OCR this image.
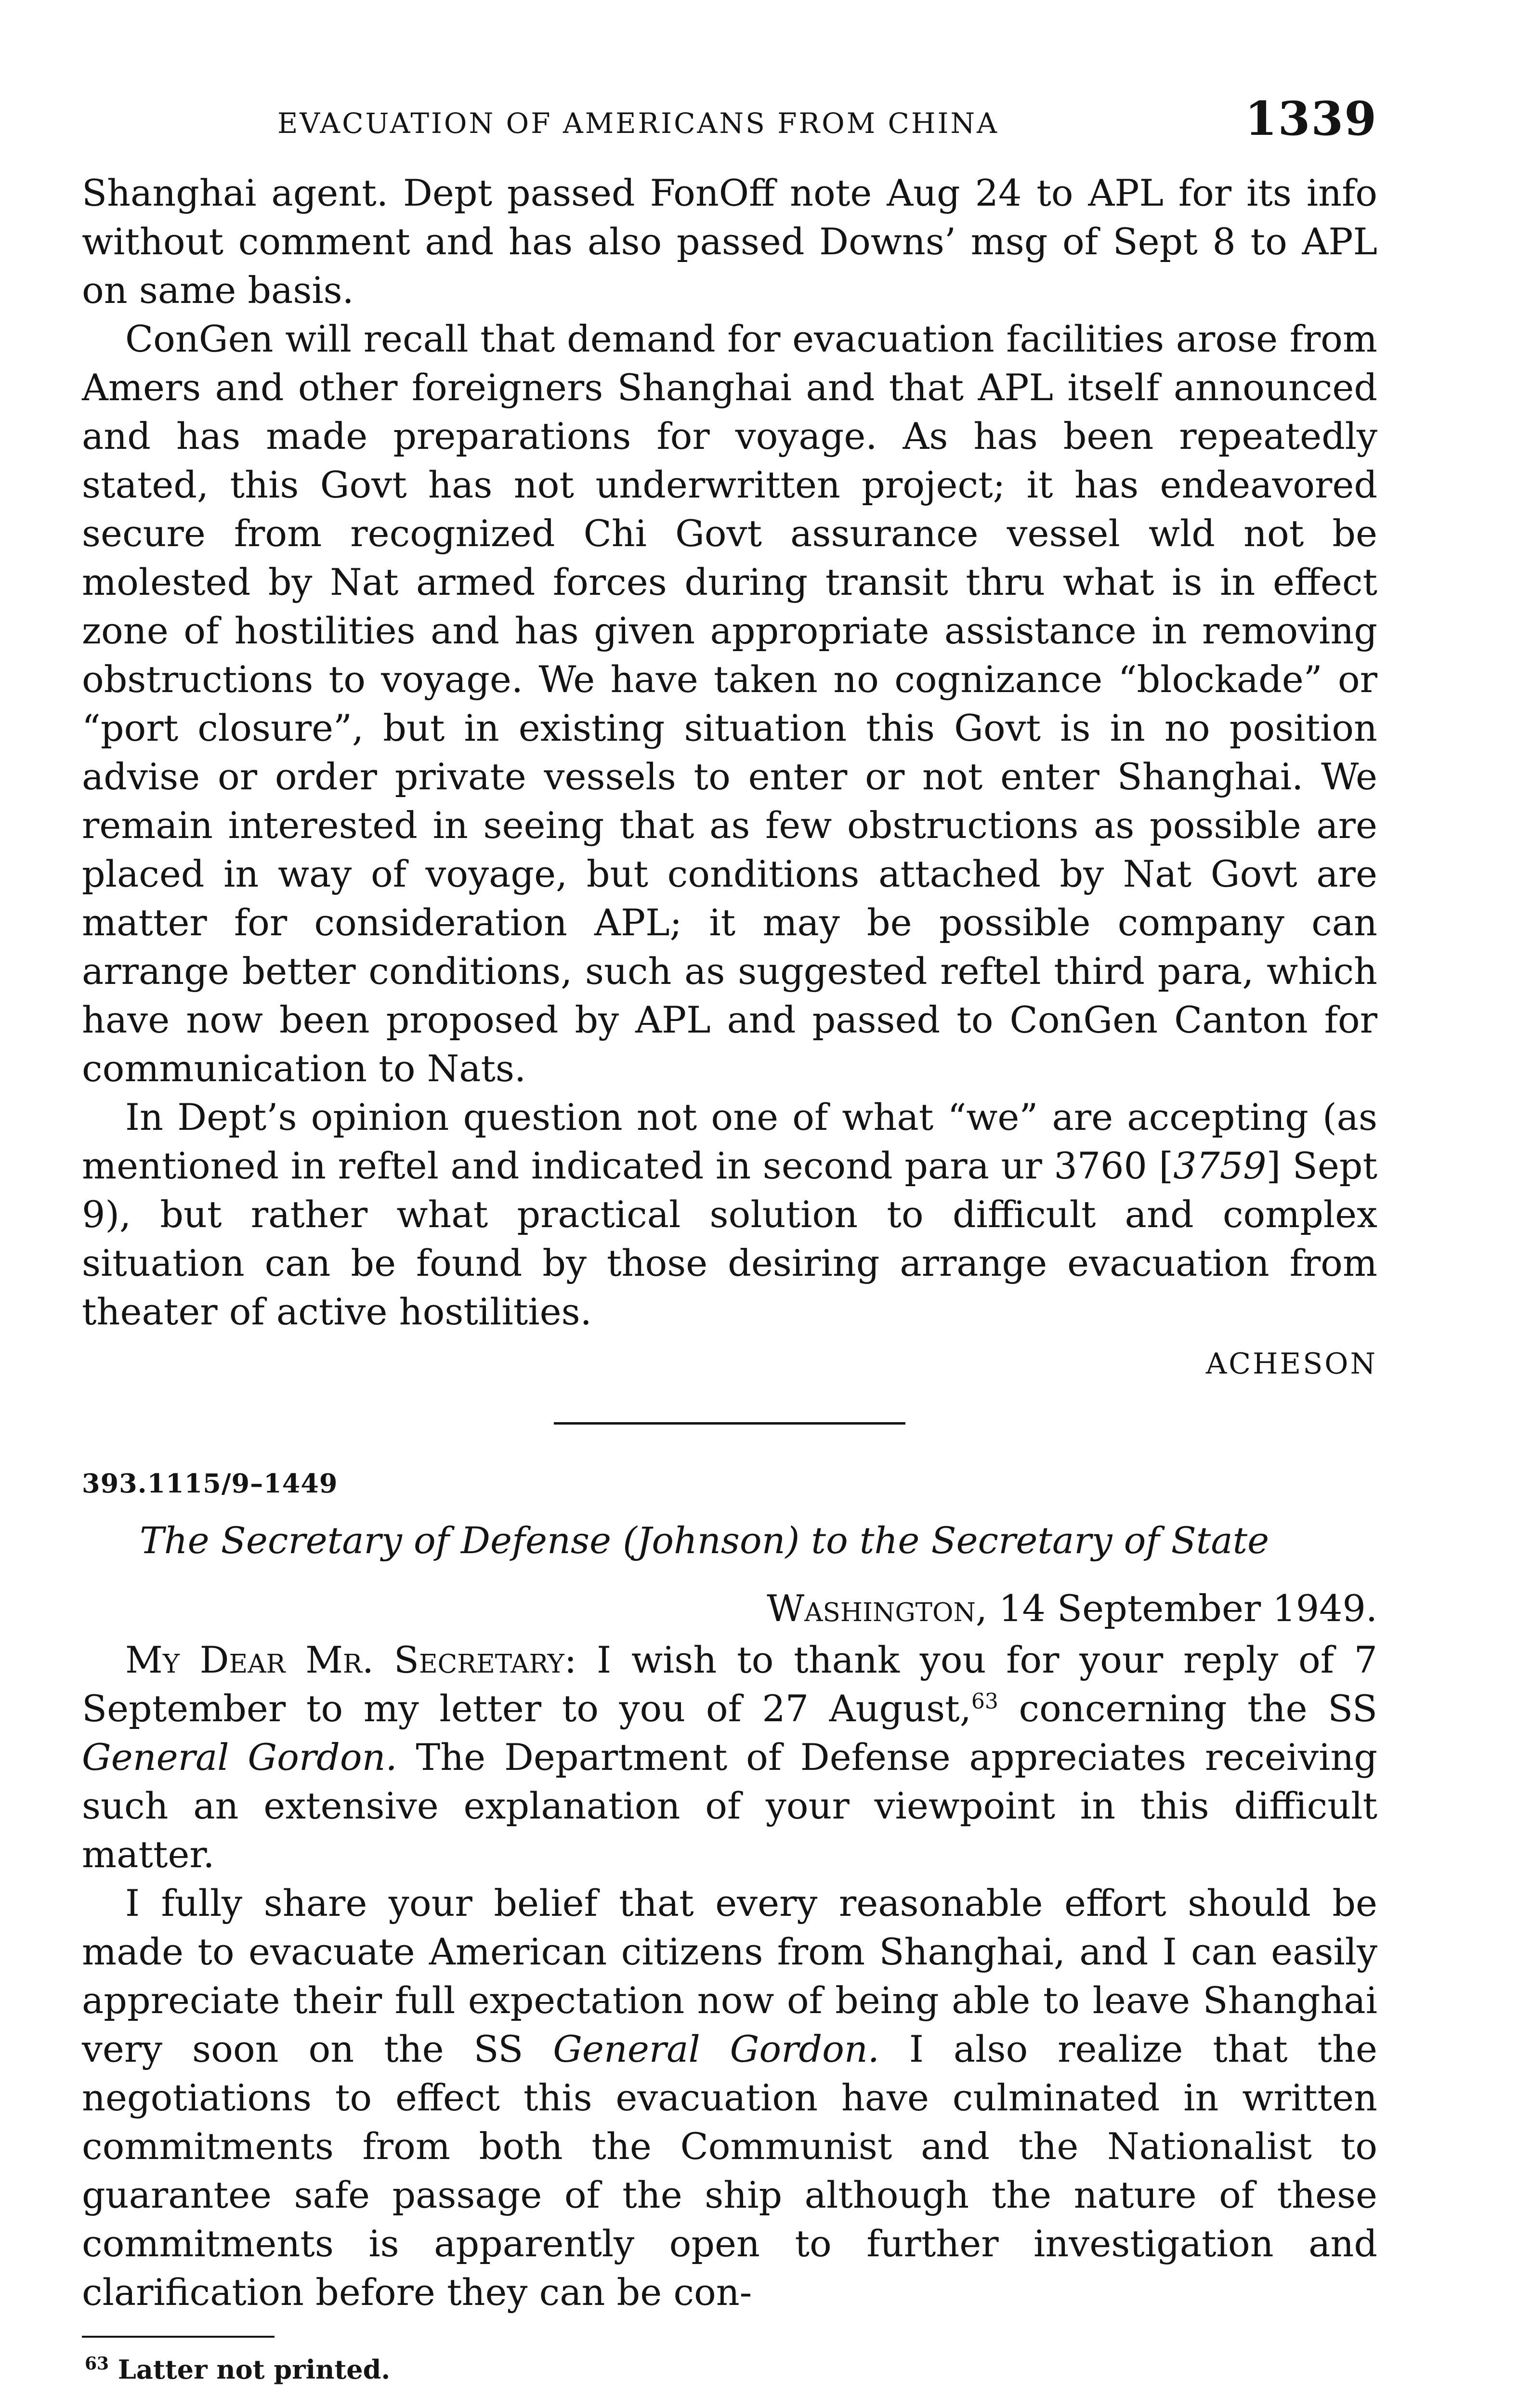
EVACUATION OF AMERICANS FROM CHINA	1339

Shanghai agent. Dept passed FonOff note Aug 24 to APL for its info without comment and has also passed Downs’ msg of Sept 8 to APL on same basis.

ConGen will recall that demand for evacuation facilities arose from Amers and other foreigners Shanghai and that APL itself announced and has made preparations for voyage. As has been repeatedly stated, this Govt has not underwritten project; it has endeavored secure from recognized Chi Govt assurance vessel wld not be molested by Nat armed forces during transit thru what is in effect zone of hostilities and has given appropriate assistance in removing obstructions to voyage. We have taken no cognizance “blockade” or “port closure”, but in existing situation this Govt is in no position advise or order private vessels to enter or not enter Shanghai. We remain interested in seeing that as few obstructions as possible are placed in way of voyage, but conditions attached by Nat Govt are matter for consideration APL; it may be possible company can arrange better conditions, such as suggested reftel third para, which have now been proposed by APL and passed to ConGen Canton for communication to Nats.

In Dept’s opinion question not one of what “we” are accepting (as mentioned in reftel and indicated in second para ur 3760 [3759] Sept 9), but rather what practical solution to difficult and complex situation can be found by those desiring arrange evacuation from theater of active hostilities.

ACHESON
393.1115/9–1449
The Secretary of Defense (Johnson) to the Secretary of State
Washington, 14 September 1949.

My Dear Mr. Secretary: I wish to thank you for your reply of 7 September to my letter to you of 27 August,$^{63}$ concerning the SS General Gordon. The Department of Defense appreciates receiving such an extensive explanation of your viewpoint in this difficult matter.

I fully share your belief that every reasonable effort should be made to evacuate American citizens from Shanghai, and I can easily appreciate their full expectation now of being able to leave Shanghai very soon on the SS General Gordon. I also realize that the negotiations to effect this evacuation have culminated in written commitments from both the Communist and the Nationalist to guarantee safe passage of the ship although the nature of these commitments is apparently open to further investigation and clarification before they can be con-

$^{63}$ Latter not printed.
